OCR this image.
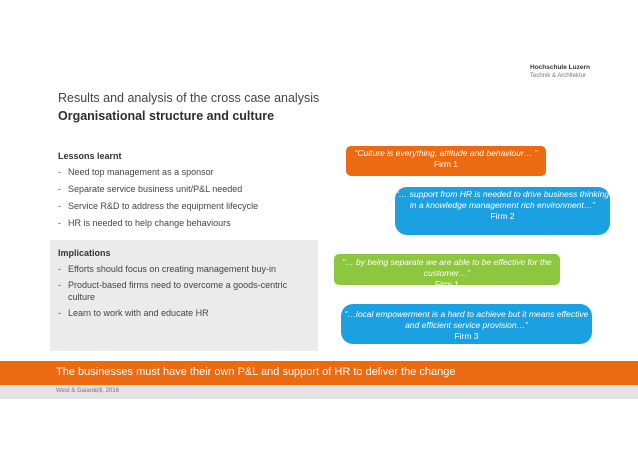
Hochschule Luzern
Technik & Architektur
Results and analysis of the cross case analysis
Organisational structure and culture
Lessons learnt
- Need top management as a sponsor
- Separate service business unit/P&L needed
- Service R&D to address the equipment lifecycle
- HR is needed to help change behaviours
Implications
- Efforts should focus on creating management buy-in
- Product-based firms need to overcome a goods-centric culture
- Learn to work with and educate HR
“Culture is everything, attitude and behaviour… ”
Firm 1
“… support from HR is needed to drive business thinking in a knowledge management rich environment…”
Firm 2
“… by being separate we are able to be effective for the customer…”
Firm 1
“…local empowerment is a hard to achieve but it means effective and efficient service provision…”
Firm 3
The businesses must have their own P&L and support of HR to deliver the change
West & Gaiardelli, 2016
